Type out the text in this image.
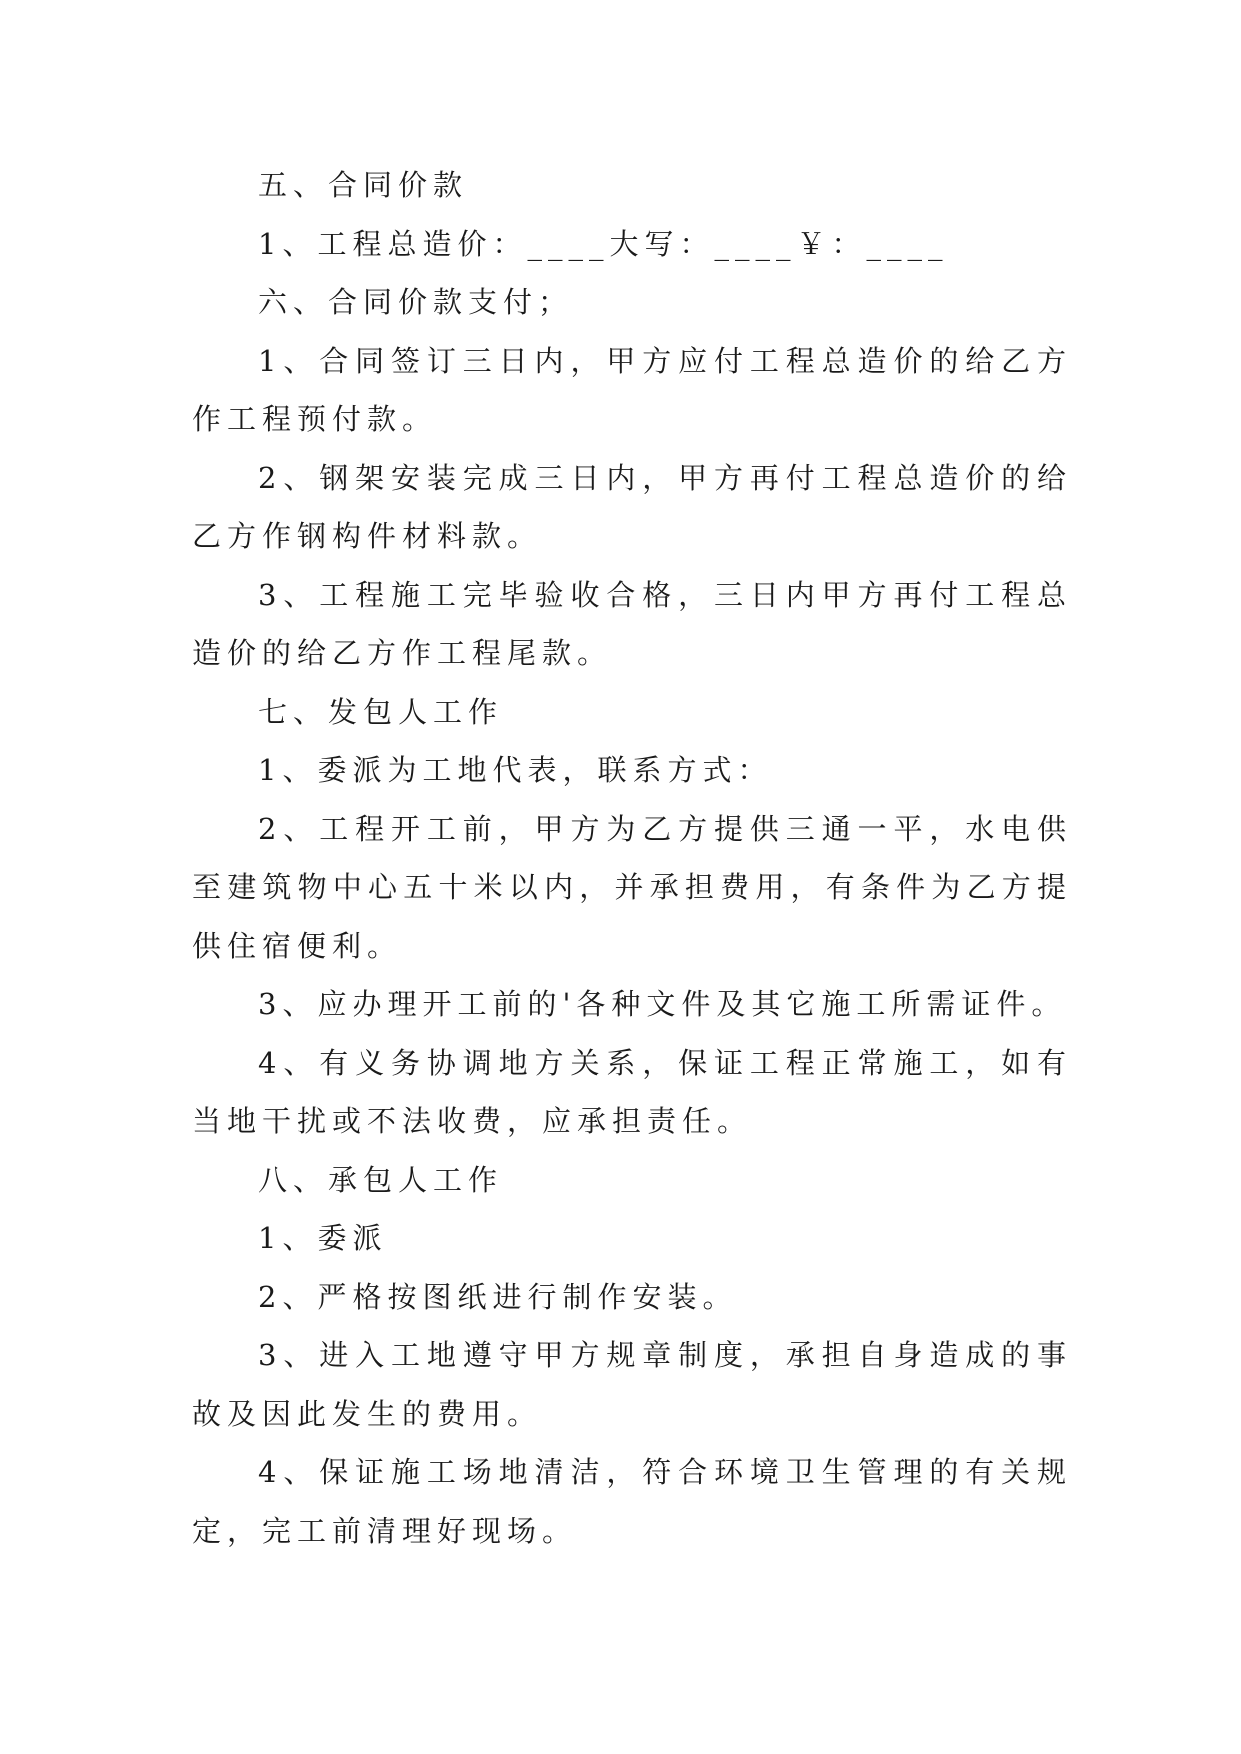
五、合同价款

1、工程总造价：____大写：____￥：____

六、合同价款支付；

1、合同签订三日内，甲方应付工程总造价的给乙方作工程预付款。

2、钢架安装完成三日内，甲方再付工程总造价的给乙方作钢构件材料款。

3、工程施工完毕验收合格，三日内甲方再付工程总造价的给乙方作工程尾款。

七、发包人工作

1、委派为工地代表，联系方式：

2、工程开工前，甲方为乙方提供三通一平，水电供至建筑物中心五十米以内，并承担费用，有条件为乙方提供住宿便利。

3、应办理开工前的'各种文件及其它施工所需证件。

4、有义务协调地方关系，保证工程正常施工，如有当地干扰或不法收费，应承担责任。

八、承包人工作

1、委派

2、严格按图纸进行制作安装。

3、进入工地遵守甲方规章制度，承担自身造成的事故及因此发生的费用。

4、保证施工场地清洁，符合环境卫生管理的有关规定，完工前清理好现场。
